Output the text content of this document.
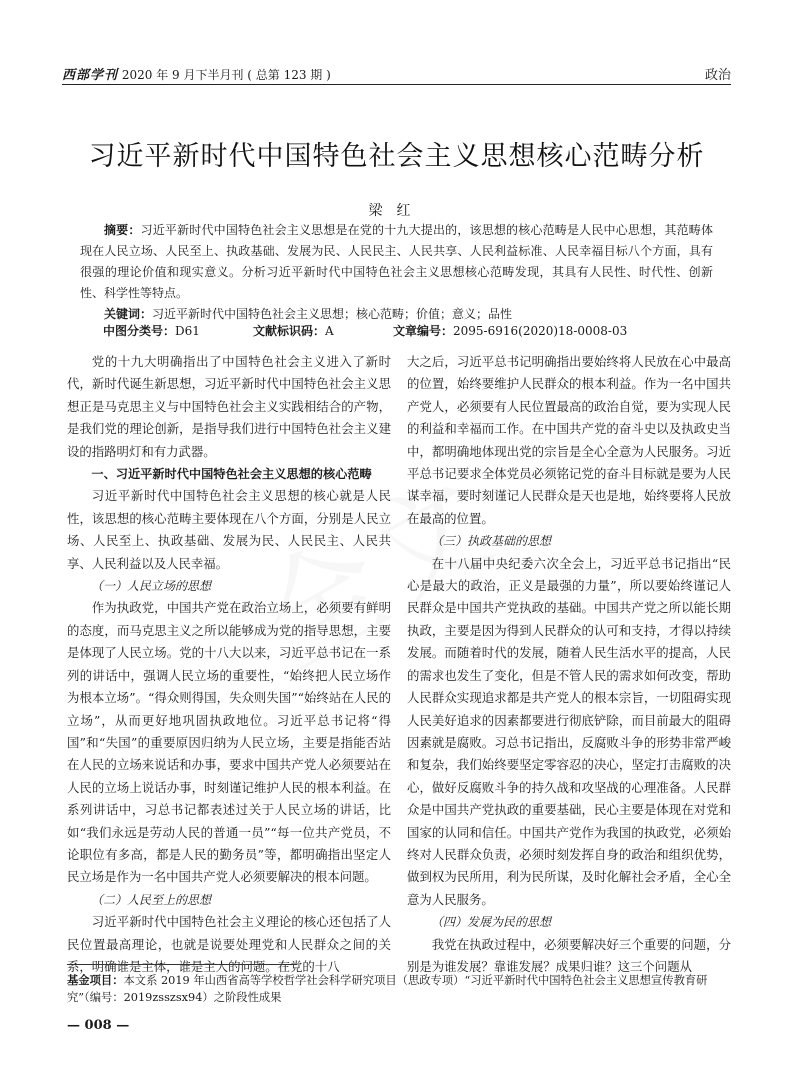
西部学刊 2020 年 9 月下半月刊 ( 总第 123 期 )	政治
习近平新时代中国特色社会主义思想核心范畴分析
梁红
摘要：习近平新时代中国特色社会主义思想是在党的十九大提出的，该思想的核心范畴是人民中心思想，其范畴体现在人民立场、人民至上、执政基础、发展为民、人民民主、人民共享、人民利益标准、人民幸福目标八个方面，具有很强的理论价值和现实意义。分析习近平新时代中国特色社会主义思想核心范畴发现，其具有人民性、时代性、创新性、科学性等特点。
关键词：习近平新时代中国特色社会主义思想；核心范畴；价值；意义；品性
中图分类号：D61	文献标识码：A	文章编号：2095-6916(2020)18-0008-03

党的十九大明确指出了中国特色社会主义进入了新时代，新时代诞生新思想，习近平新时代中国特色社会主义思想正是马克思主义与中国特色社会主义实践相结合的产物，是我们党的理论创新，是指导我们进行中国特色社会主义建设的指路明灯和有力武器。

一、习近平新时代中国特色社会主义思想的核心范畴

习近平新时代中国特色社会主义思想的核心就是人民性，该思想的核心范畴主要体现在八个方面，分别是人民立场、人民至上、执政基础、发展为民、人民民主、人民共享、人民利益以及人民幸福。

（一）人民立场的思想

作为执政党，中国共产党在政治立场上，必须要有鲜明的态度，而马克思主义之所以能够成为党的指导思想，主要是体现了人民立场。党的十八大以来，习近平总书记在一系列的讲话中，强调人民立场的重要性，“始终把人民立场作为根本立场”。“得众则得国，失众则失国”“始终站在人民的立场”，从而更好地巩固执政地位。习近平总书记将“得国”和“失国”的重要原因归纳为人民立场，主要是指能否站在人民的立场来说话和办事，要求中国共产党人必须要站在人民的立场上说话办事，时刻谨记维护人民的根本利益。在系列讲话中，习总书记都表述过关于人民立场的讲话，比如“我们永远是劳动人民的普通一员”“每一位共产党员，不论职位有多高，都是人民的勤务员”等，都明确指出坚定人民立场是作为一名中国共产党人必须要解决的根本问题。

（二）人民至上的思想

习近平新时代中国特色社会主义理论的核心还包括了人民位置最高理论，也就是说要处理党和人民群众之间的关系，明确谁是主体，谁是主人的问题。在党的十八

大之后，习近平总书记明确指出要始终将人民放在心中最高的位置，始终要维护人民群众的根本利益。作为一名中国共产党人，必须要有人民位置最高的政治自觉，要为实现人民的利益和幸福而工作。在中国共产党的奋斗史以及执政史当中，都明确地体现出党的宗旨是全心全意为人民服务。习近平总书记要求全体党员必须铭记党的奋斗目标就是要为人民谋幸福，要时刻谨记人民群众是天也是地，始终要将人民放在最高的位置。

（三）执政基础的思想

在十八届中央纪委六次全会上，习近平总书记指出“民心是最大的政治，正义是最强的力量”，所以要始终谨记人民群众是中国共产党执政的基础。中国共产党之所以能长期执政，主要是因为得到人民群众的认可和支持，才得以持续发展。而随着时代的发展，随着人民生活水平的提高，人民的需求也发生了变化，但是不管人民的需求如何改变，帮助人民群众实现追求都是共产党人的根本宗旨，一切阻碍实现人民美好追求的因素都要进行彻底铲除，而目前最大的阻碍因素就是腐败。习总书记指出，反腐败斗争的形势非常严峻和复杂，我们始终要坚定零容忍的决心，坚定打击腐败的决心，做好反腐败斗争的持久战和攻坚战的心理准备。人民群众是中国共产党执政的重要基础，民心主要是体现在对党和国家的认同和信任。中国共产党作为我国的执政党，必须始终对人民群众负责，必须时刻发挥自身的政治和组织优势，做到权为民所用，利为民所谋，及时化解社会矛盾，全心全意为人民服务。

（四）发展为民的思想

我党在执政过程中，必须要解决好三个重要的问题，分别是为谁发展？靠谁发展？成果归谁？这三个问题从

基金项目：本文系 2019 年山西省高等学校哲学社会科学研究项目（思政专项）“习近平新时代中国特色社会主义思想宣传教育研究”（编号：2019zsszsx94）之阶段性成果
— 008 —
